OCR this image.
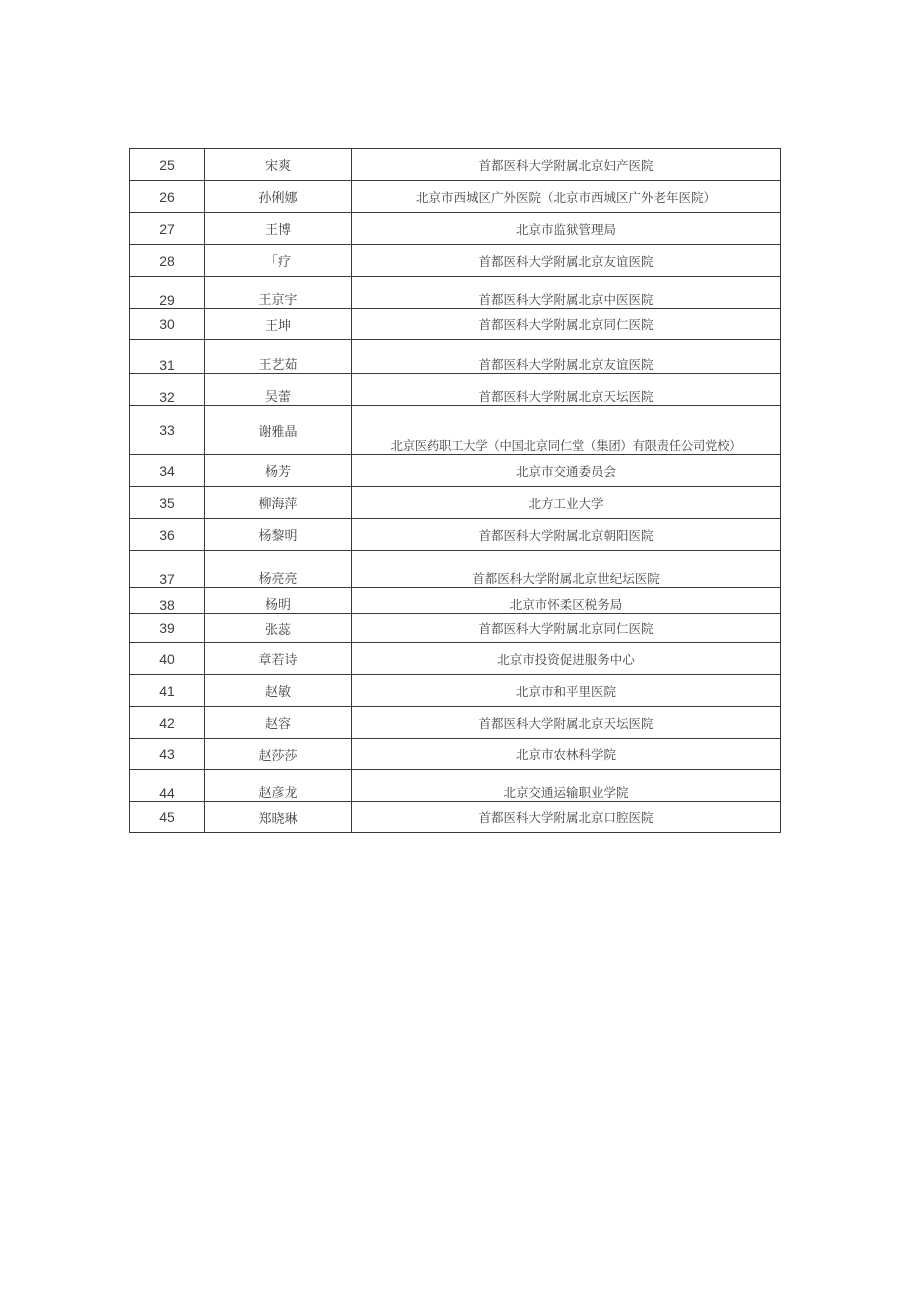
25	宋爽	首都医科大学附属北京妇产医院
26	孙俐娜	北京市西城区广外医院（北京市西城区广外老年医院）
27	王博	北京市监狱管理局
28	「疗	首都医科大学附属北京友谊医院
29	王京宇	首都医科大学附属北京中医医院
30	王坤	首都医科大学附属北京同仁医院
31	王艺茹	首都医科大学附属北京友谊医院
32	吴蕾	首都医科大学附属北京天坛医院
33	谢雅晶	北京医药职工大学（中国北京同仁堂（集团）有限责任公司党校）
34	杨芳	北京市交通委员会
35	柳海萍	北方工业大学
36	杨黎明	首都医科大学附属北京朝阳医院
37	杨亮亮	首都医科大学附属北京世纪坛医院
38	杨明	北京市怀柔区税务局
39	张蕊	首都医科大学附属北京同仁医院
40	章若诗	北京市投资促进服务中心
41	赵敏	北京市和平里医院
42	赵容	首都医科大学附属北京天坛医院
43	赵莎莎	北京市农林科学院
44	赵彦龙	北京交通运输职业学院
45	郑晓琳	首都医科大学附属北京口腔医院
